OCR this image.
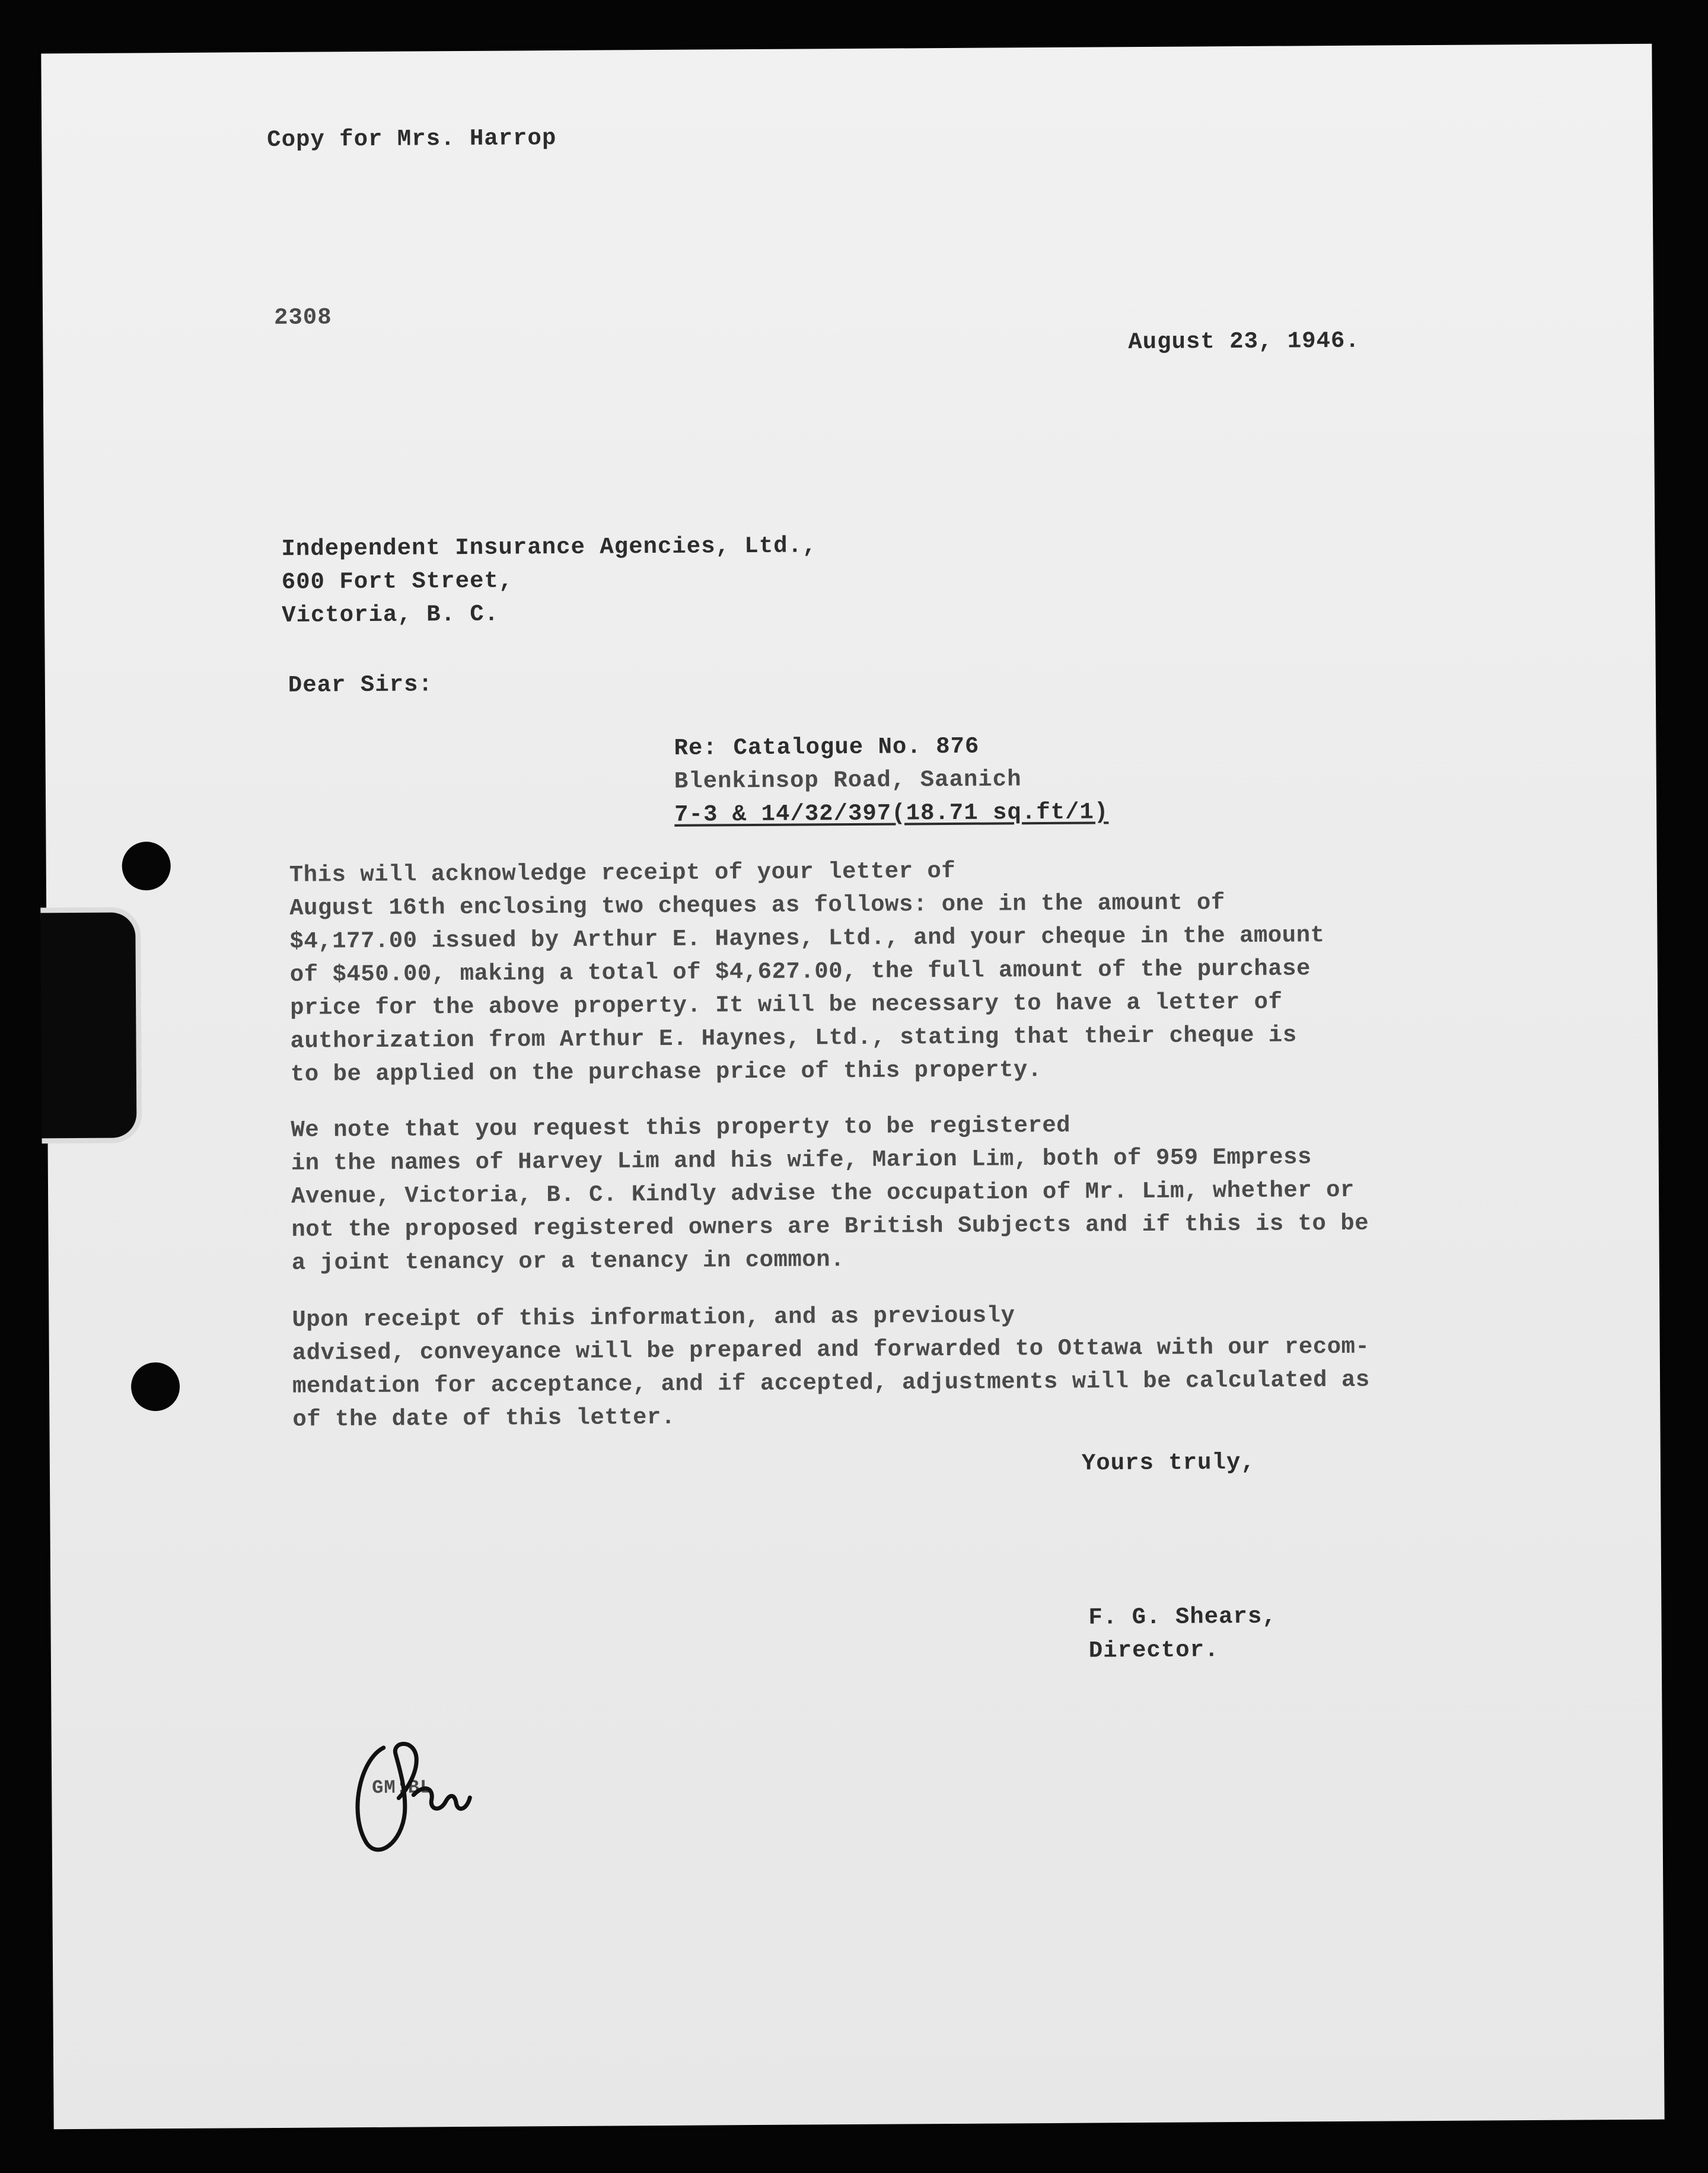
Copy for Mrs. Harrop
2308
August 23, 1946.
Independent Insurance Agencies, Ltd.,
600 Fort Street,
Victoria, B. C.
Dear Sirs:
Re: Catalogue No. 876
Blenkinsop Road, Saanich
7-3 & 14/32/397(18.71 sq.ft/1)
This will acknowledge receipt of your letter of
August 16th enclosing two cheques as follows: one in the amount of
$4,177.00 issued by Arthur E. Haynes, Ltd., and your cheque in the amount
of $450.00, making a total of $4,627.00, the full amount of the purchase
price for the above property. It will be necessary to have a letter of
authorization from Arthur E. Haynes, Ltd., stating that their cheque is
to be applied on the purchase price of this property.
We note that you request this property to be registered
in the names of Harvey Lim and his wife, Marion Lim, both of 959 Empress
Avenue, Victoria, B. C. Kindly advise the occupation of Mr. Lim, whether or
not the proposed registered owners are British Subjects and if this is to be
a joint tenancy or a tenancy in common.
Upon receipt of this information, and as previously
advised, conveyance will be prepared and forwarded to Ottawa with our recom-
mendation for acceptance, and if accepted, adjustments will be calculated as
of the date of this letter.
Yours truly,
F. G. Shears,
Director.
GM:BL
